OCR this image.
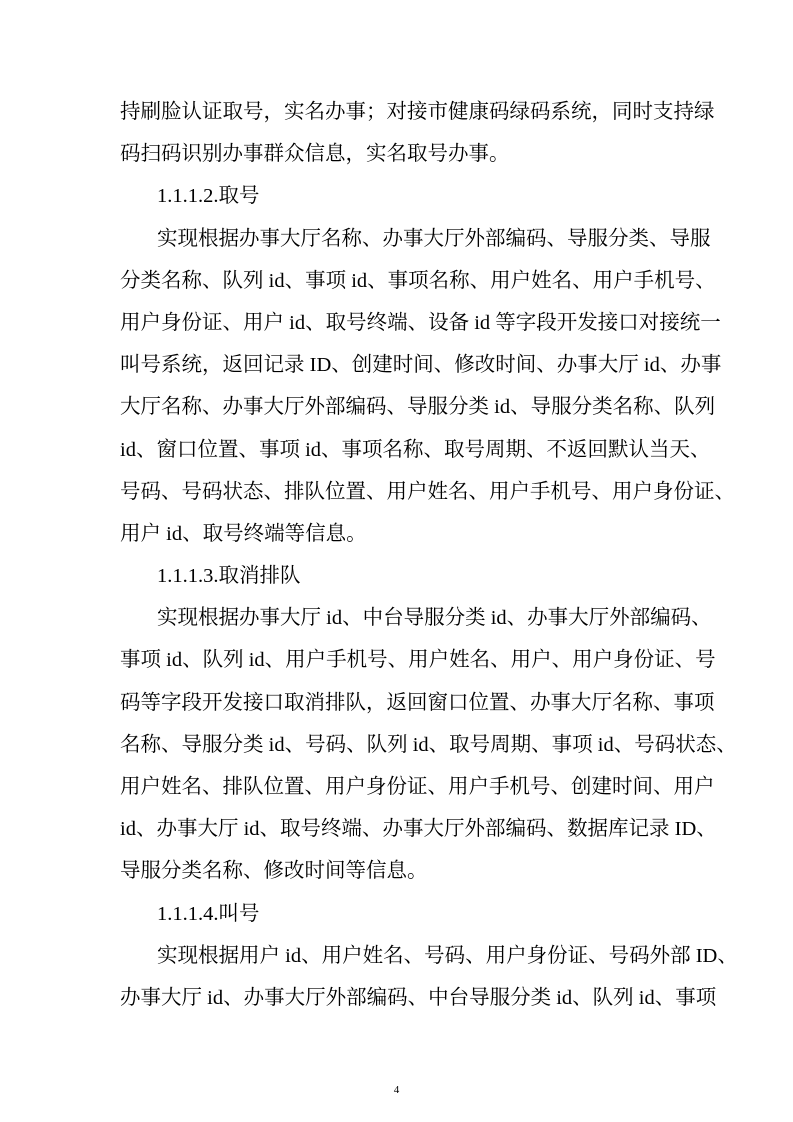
持刷脸认证取号，实名办事；对接市健康码绿码系统，同时支持绿
码扫码识别办事群众信息，实名取号办事。
1.1.1.2.取号
实现根据办事大厅名称、办事大厅外部编码、导服分类、导服
分类名称、队列 id、事项 id、事项名称、用户姓名、用户手机号、
用户身份证、用户 id、取号终端、设备 id 等字段开发接口对接统一
叫号系统，返回记录 ID、创建时间、修改时间、办事大厅 id、办事
大厅名称、办事大厅外部编码、导服分类 id、导服分类名称、队列
id、窗口位置、事项 id、事项名称、取号周期、不返回默认当天、
号码、号码状态、排队位置、用户姓名、用户手机号、用户身份证、
用户 id、取号终端等信息。
1.1.1.3.取消排队
实现根据办事大厅 id、中台导服分类 id、办事大厅外部编码、
事项 id、队列 id、用户手机号、用户姓名、用户、用户身份证、号
码等字段开发接口取消排队，返回窗口位置、办事大厅名称、事项
名称、导服分类 id、号码、队列 id、取号周期、事项 id、号码状态、
用户姓名、排队位置、用户身份证、用户手机号、创建时间、用户
id、办事大厅 id、取号终端、办事大厅外部编码、数据库记录 ID、
导服分类名称、修改时间等信息。
1.1.1.4.叫号
实现根据用户 id、用户姓名、号码、用户身份证、号码外部 ID、
办事大厅 id、办事大厅外部编码、中台导服分类 id、队列 id、事项
4
